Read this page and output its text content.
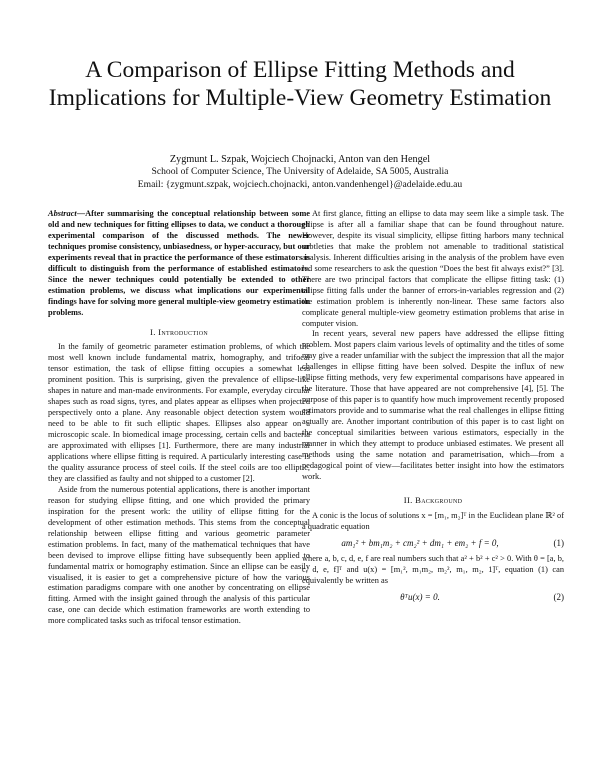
A Comparison of Ellipse Fitting Methods and Implications for Multiple-View Geometry Estimation
Zygmunt L. Szpak, Wojciech Chojnacki, Anton van den Hengel
School of Computer Science, The University of Adelaide, SA 5005, Australia
Email: {zygmunt.szpak, wojciech.chojnacki, anton.vandenhengel}@adelaide.edu.au

Abstract—After summarising the conceptual relationship between some old and new techniques for fitting ellipses to data, we conduct a thorough experimental comparison of the discussed methods. The newer techniques promise consistency, unbiasedness, or hyper-accuracy, but our experiments reveal that in practice the performance of these estimators is difficult to distinguish from the performance of established estimators. Since the newer techniques could potentially be extended to other estimation problems, we discuss what implications our experimental findings have for solving more general multiple-view geometry estimation problems.

I. Introduction

In the family of geometric parameter estimation problems, of which the most well known include fundamental matrix, homography, and trifocal tensor estimation, the task of ellipse fitting occupies a somewhat less prominent position. This is surprising, given the prevalence of ellipse-like shapes in nature and man-made environments. For example, everyday circular shapes such as road signs, tyres, and plates appear as ellipses when projected perspectively onto a plane. Any reasonable object detection system would need to be able to fit such elliptic shapes. Ellipses also appear on a microscopic scale. In biomedical image processing, certain cells and bacteria are approximated with ellipses [1]. Furthermore, there are many industrial applications where ellipse fitting is required. A particularly interesting case is the quality assurance process of steel coils. If the steel coils are too elliptic, they are classified as faulty and not shipped to a customer [2].

Aside from the numerous potential applications, there is another important reason for studying ellipse fitting, and one which provided the primary inspiration for the present work: the utility of ellipse fitting for the development of other estimation methods. This stems from the conceptual relationship between ellipse fitting and various geometric parameter estimation problems. In fact, many of the mathematical techniques that have been devised to improve ellipse fitting have subsequently been applied to fundamental matrix or homography estimation. Since an ellipse can be easily visualised, it is easier to get a comprehensive picture of how the various estimation paradigms compare with one another by concentrating on ellipse fitting. Armed with the insight gained through the analysis of this particular case, one can decide which estimation frameworks are worth extending to more complicated tasks such as trifocal tensor estimation.

At first glance, fitting an ellipse to data may seem like a simple task. The ellipse is after all a familiar shape that can be found throughout nature. However, despite its visual simplicity, ellipse fitting harbors many technical subtleties that make the problem not amenable to traditional statistical analysis. Inherent difficulties arising in the analysis of the problem have even led some researchers to ask the question “Does the best fit always exist?” [3]. There are two principal factors that complicate the ellipse fitting task: (1) ellipse fitting falls under the banner of errors-in-variables regression and (2) the estimation problem is inherently non-linear. These same factors also complicate general multiple-view geometry estimation problems that arise in computer vision.

In recent years, several new papers have addressed the ellipse fitting problem. Most papers claim various levels of optimality and the titles of some may give a reader unfamiliar with the subject the impression that all the major challenges in ellipse fitting have been solved. Despite the influx of new ellipse fitting methods, very few experimental comparisons have appeared in the literature. Those that have appeared are not comprehensive [4], [5]. The purpose of this paper is to quantify how much improvement recently proposed estimators provide and to summarise what the real challenges in ellipse fitting actually are. Another important contribution of this paper is to cast light on the conceptual similarities between various estimators, especially in the manner in which they attempt to produce unbiased estimates. We present all methods using the same notation and parametrisation, which—from a pedagogical point of view—facilitates better insight into how the estimators work.

II. Background

A conic is the locus of solutions x = [m₁, m₂]ᵀ in the Euclidean plane ℝ² of a quadratic equation

am₁² + bm₁m₂ + cm₂² + dm₁ + em₂ + f = 0,	(1)

where a, b, c, d, e, f are real numbers such that a² + b² + c² > 0. With θ = [a, b, c, d, e, f]ᵀ and u(x) = [m₁², m₁m₂, m₂², m₁, m₂, 1]ᵀ, equation (1) can equivalently be written as

θᵀu(x) = 0.	(2)
